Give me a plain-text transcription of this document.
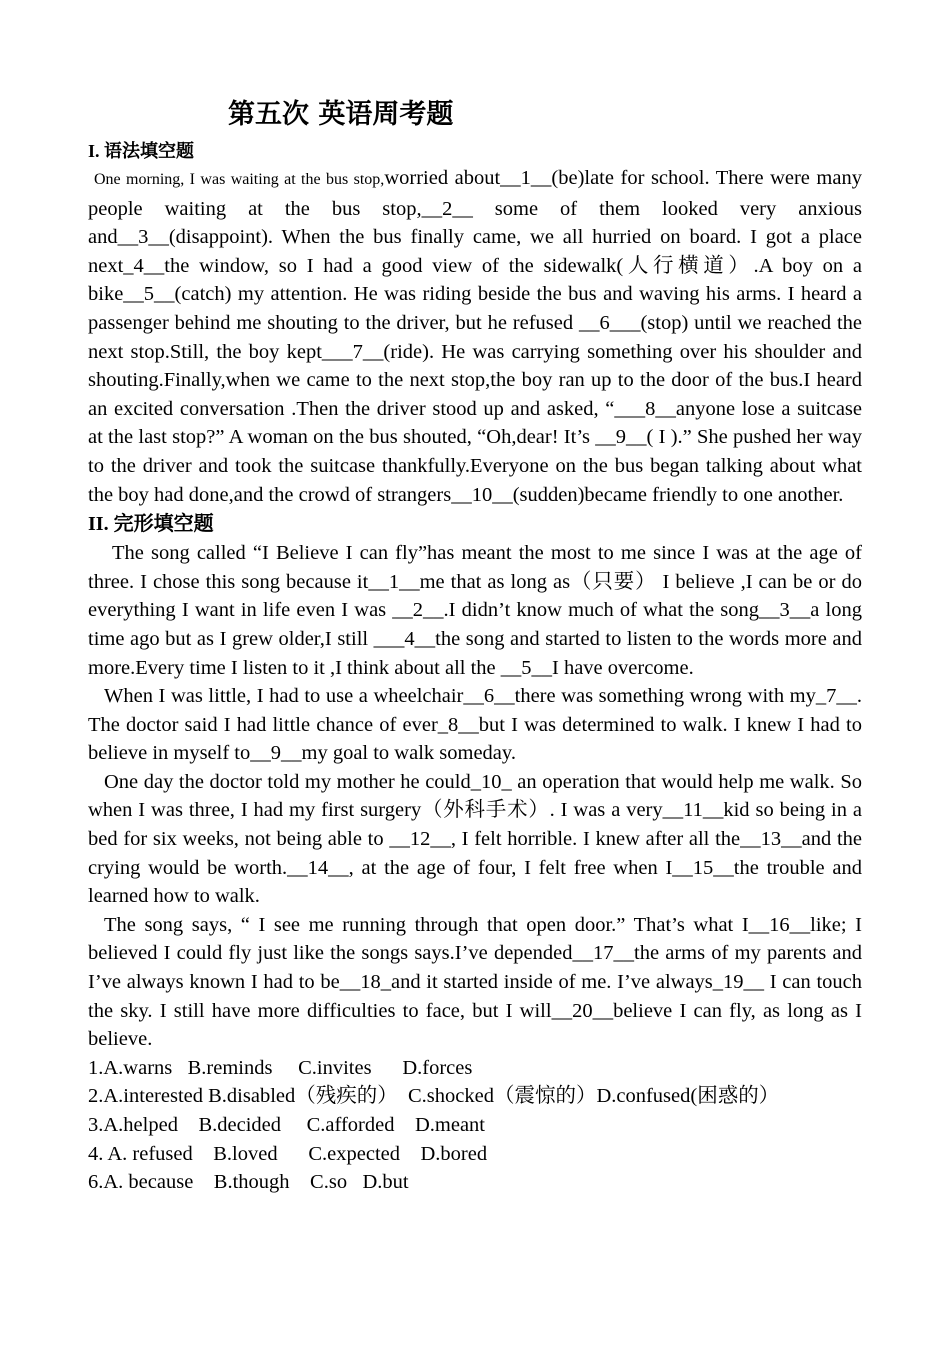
第五次 英语周考题
I. 语法填空题

One morning, I was waiting at the bus stop,worried about__1__(be)late for school. There were many people waiting at the bus stop,__2__ some of them looked very anxious and__3__(disappoint). When the bus finally came, we all hurried on board. I got a place next_4__the window, so I had a good view of the sidewalk(人行横道）.A boy on a bike__5__(catch) my attention. He was riding beside the bus and waving his arms. I heard a passenger behind me shouting to the driver, but he refused __6___(stop) until we reached the next stop.Still, the boy kept___7__(ride). He was carrying something over his shoulder and shouting.Finally,when we came to the next stop,the boy ran up to the door of the bus.I heard an excited conversation .Then the driver stood up and asked, “___8__anyone lose a suitcase at the last stop?” A woman on the bus shouted, “Oh,dear! It’s __9__( I ).” She pushed her way to the driver and took the suitcase thankfully.Everyone on the bus began talking about what the boy had done,and the crowd of strangers__10__(sudden)became friendly to one another.

II. 完形填空题

The song called “I Believe I can fly”has meant the most to me since I was at the age of three. I chose this song because it__1__me that as long as（只要） I believe ,I can be or do everything I want in life even I was __2__.I didn’t know much of what the song__3__a long time ago but as I grew older,I still ___4__the song and started to listen to the words more and more.Every time I listen to it ,I think about all the __5__I have overcome.

When I was little, I had to use a wheelchair__6__there was something wrong with my_7__. The doctor said I had little chance of ever_8__but I was determined to walk. I knew I had to believe in myself to__9__my goal to walk someday.

One day the doctor told my mother he could_10_ an operation that would help me walk. So when I was three, I had my first surgery（外科手术）. I was a very__11__kid so being in a bed for six weeks, not being able to __12__, I felt horrible. I knew after all the__13__and the crying would be worth.__14__, at the age of four, I felt free when I__15__the trouble and learned how to walk.

The song says, “ I see me running through that open door.” That’s what I__16__like; I believed I could fly just like the songs says.I’ve depended__17__the arms of my parents and I’ve always known I had to be__18_and it started inside of me. I’ve always_19__ I can touch the sky. I still have more difficulties to face, but I will__20__believe I can fly, as long as I believe.

1.A.warns   B.reminds     C.invites      D.forces
2.A.interested B.disabled（残疾的）  C.shocked（震惊的）D.confused(困惑的）
3.A.helped    B.decided     C.afforded    D.meant
4. A. refused    B.loved      C.expected    D.bored
6.A. because    B.though    C.so   D.but
